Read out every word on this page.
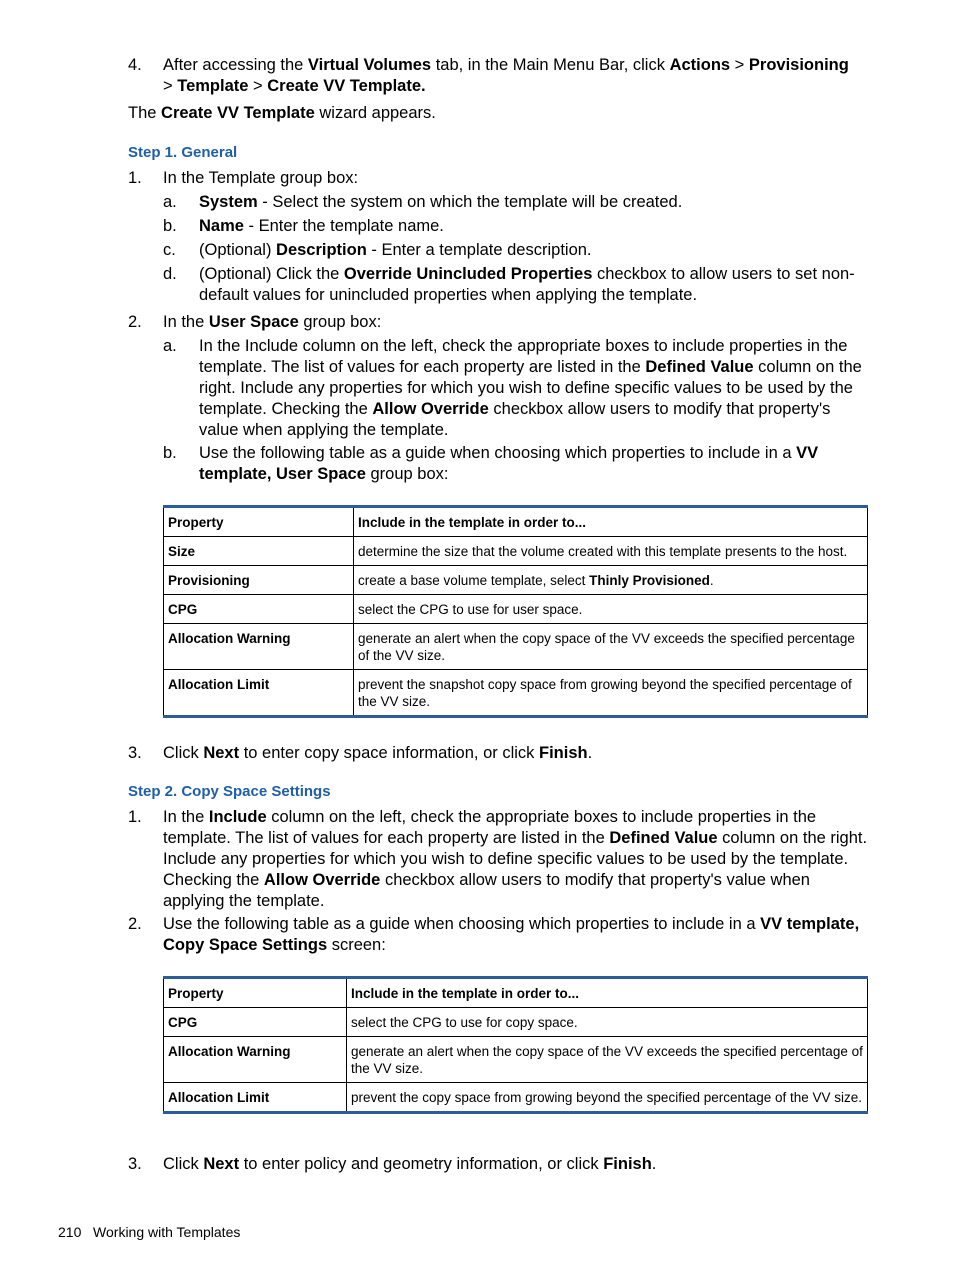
4. After accessing the Virtual Volumes tab, in the Main Menu Bar, click Actions > Provisioning
> Template > Create VV Template.
The Create VV Template wizard appears.
Step 1. General
1. In the Template group box:
a. System - Select the system on which the template will be created.
b. Name - Enter the template name.
c. (Optional) Description - Enter a template description.
d. (Optional) Click the Override Unincluded Properties checkbox to allow users to set non-default values for unincluded properties when applying the template.
2. In the User Space group box:
a. In the Include column on the left, check the appropriate boxes to include properties in the template. The list of values for each property are listed in the Defined Value column on the right. Include any properties for which you wish to define specific values to be used by the template. Checking the Allow Override checkbox allow users to modify that property's value when applying the template.
b. Use the following table as a guide when choosing which properties to include in a VV template, User Space group box:
Property	Include in the template in order to...
Size	determine the size that the volume created with this template presents to the host.
Provisioning	create a base volume template, select Thinly Provisioned.
CPG	select the CPG to use for user space.
Allocation Warning	generate an alert when the copy space of the VV exceeds the specified percentage of the VV size.
Allocation Limit	prevent the snapshot copy space from growing beyond the specified percentage of the VV size.
3. Click Next to enter copy space information, or click Finish.
Step 2. Copy Space Settings
1. In the Include column on the left, check the appropriate boxes to include properties in the template. The list of values for each property are listed in the Defined Value column on the right. Include any properties for which you wish to define specific values to be used by the template. Checking the Allow Override checkbox allow users to modify that property's value when applying the template.
2. Use the following table as a guide when choosing which properties to include in a VV template, Copy Space Settings screen:
Property	Include in the template in order to...
CPG	select the CPG to use for copy space.
Allocation Warning	generate an alert when the copy space of the VV exceeds the specified percentage of the VV size.
Allocation Limit	prevent the copy space from growing beyond the specified percentage of the VV size.
3. Click Next to enter policy and geometry information, or click Finish.
210 Working with Templates
